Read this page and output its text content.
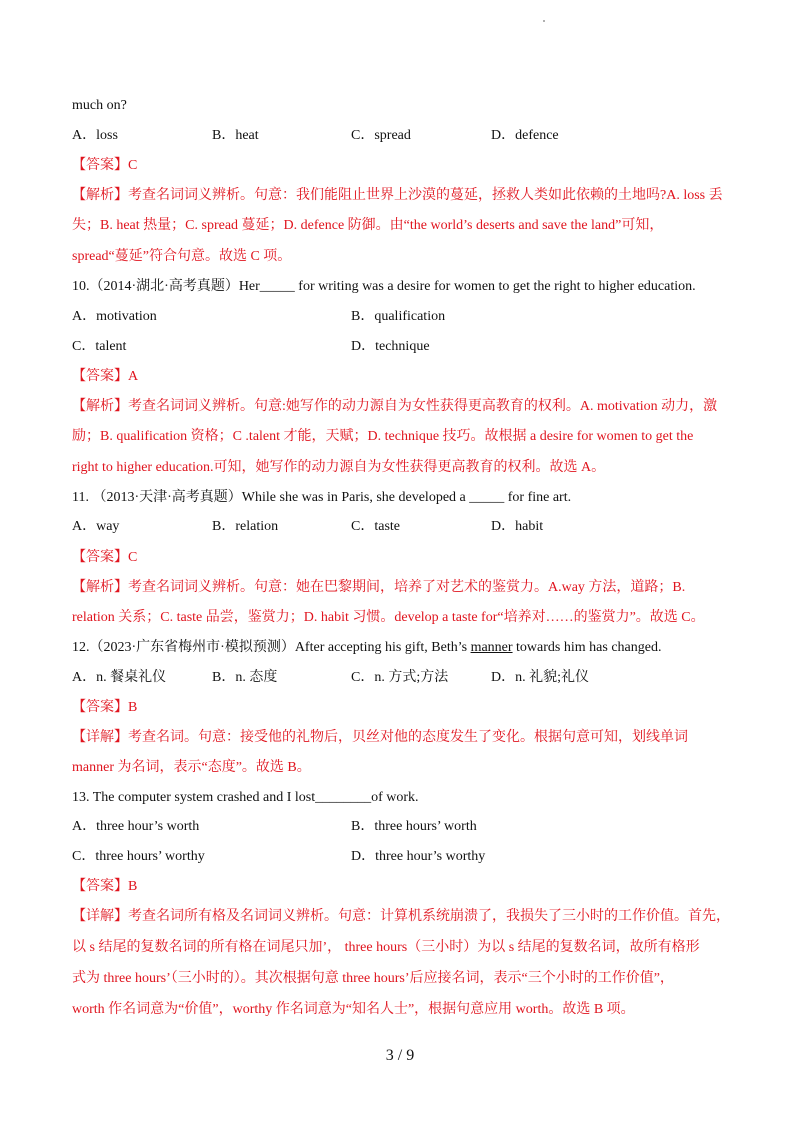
much on?
A．loss	B．heat	C．spread	D．defence
【答案】C
【解析】考查名词词义辨析。句意：我们能阻止世界上沙漠的蔓延，拯救人类如此依赖的土地吗?A. loss 丢
失；B. heat 热量；C. spread 蔓延；D. defence 防御。由“the world’s deserts and save the land”可知，
spread“蔓延”符合句意。故选 C 项。
10.（2014·湖北·高考真题）Her_____ for writing was a desire for women to get the right to higher education.
A．motivation	B．qualification
C．talent	D．technique
【答案】A
【解析】考查名词词义辨析。句意:她写作的动力源自为女性获得更高教育的权利。A. motivation 动力，激
励；B. qualification 资格；C .talent 才能，天赋；D. technique 技巧。故根据 a desire for women to get the
right to higher education.可知，她写作的动力源自为女性获得更高教育的权利。故选 A。
11. （2013·天津·高考真题）While she was in Paris, she developed a _____ for fine art.
A．way	B．relation	C．taste	D．habit
【答案】C
【解析】考查名词词义辨析。句意：她在巴黎期间，培养了对艺术的鉴赏力。A.way 方法，道路；B.
relation 关系；C. taste 品尝，鉴赏力；D. habit 习惯。develop a taste for“培养对……的鉴赏力”。故选 C。
12.（2023·广东省梅州市·模拟预测）After accepting his gift, Beth’s manner towards him has changed.
A．n. 餐桌礼仪	B．n. 态度	C．n. 方式;方法	D．n. 礼貌;礼仪
【答案】B
【详解】考查名词。句意：接受他的礼物后，贝丝对他的态度发生了变化。根据句意可知，划线单词
manner 为名词，表示“态度”。故选 B。
13. The computer system crashed and I lost________of work.
A．three hour’s worth	B．three hours’ worth
C．three hours’ worthy	D．three hour’s worthy
【答案】B
【详解】考查名词所有格及名词词义辨析。句意：计算机系统崩溃了，我损失了三小时的工作价值。首先，
以 s 结尾的复数名词的所有格在词尾只加’， three hours（三小时）为以 s 结尾的复数名词，故所有格形
式为 three hours’（三小时的）。其次根据句意 three hours’后应接名词，表示“三个小时的工作价值”，
worth 作名词意为“价值”，worthy 作名词意为“知名人士”，根据句意应用 worth。故选 B 项。
3 / 9
